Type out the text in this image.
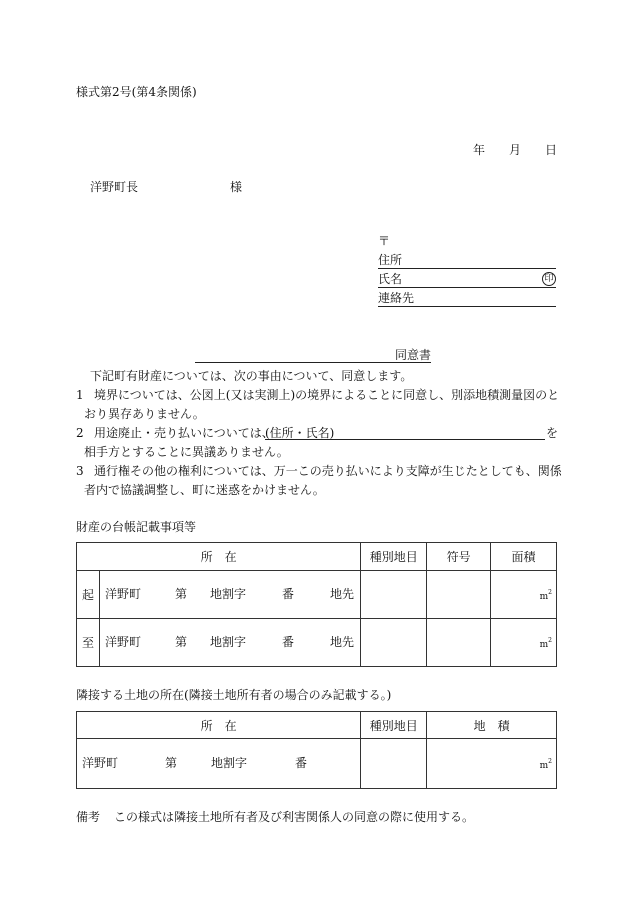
様式第2号(第4条関係)
年 月 日
洋野町長	様
〒
住所
氏名	印
連絡先
同意書
下記町有財産については、次の事由について、同意します。
1 境界については、公図上(又は実測上)の境界によることに同意し、別添地積測量図のと
おり異存ありません。
2 用途廃止・売り払いについては、
(住所・氏名)	を
相手方とすることに異議ありません。
3 通行権その他の権利については、万一この売り払いにより支障が生じたとしても、関係
者内で協議調整し、町に迷惑をかけません。
財産の台帳記載事項等
所　在		種別地目	符号	面積
起	洋野町 第 地割字 番 地先			$m^2$
至	洋野町 第 地割字 番 地先			$m^2$
隣接する土地の所在(隣接土地所有者の場合のみ記載する。)
所　在	種別地目	地　積

洋野町 第 地割字 番		$m^2$
備考 この様式は隣接土地所有者及び利害関係人の同意の際に使用する。
